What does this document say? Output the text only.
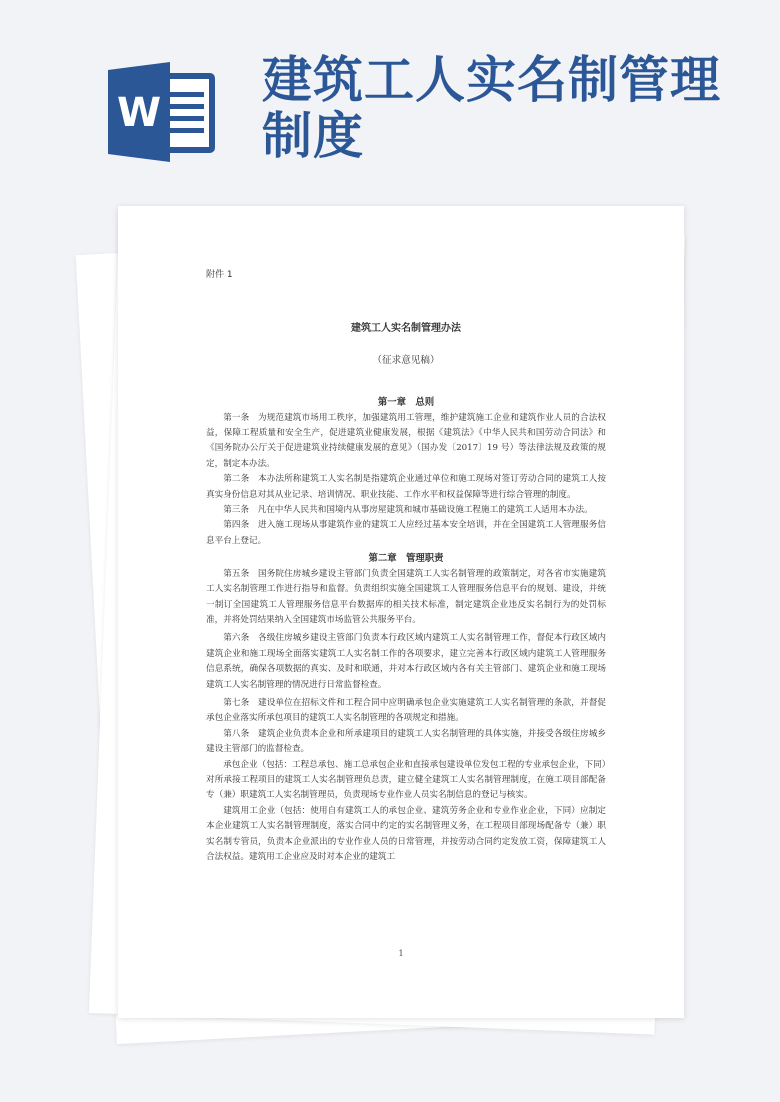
W
建筑工人实名制管理制度
附件 1
建筑工人实名制管理办法
（征求意见稿）
第一章　总则

第一条　为规范建筑市场用工秩序，加强建筑用工管理，维护建筑施工企业和建筑作业人员的合法权益，保障工程质量和安全生产，促进建筑业健康发展，根据《建筑法》《中华人民共和国劳动合同法》和《国务院办公厅关于促进建筑业持续健康发展的意见》（国办发〔2017〕19 号）等法律法规及政策的规定，制定本办法。

第二条　本办法所称建筑工人实名制是指建筑企业通过单位和施工现场对签订劳动合同的建筑工人按真实身份信息对其从业记录、培训情况、职业技能、工作水平和权益保障等进行综合管理的制度。

第三条　凡在中华人民共和国境内从事房屋建筑和城市基础设施工程施工的建筑工人适用本办法。

第四条　进入施工现场从事建筑作业的建筑工人应经过基本安全培训，并在全国建筑工人管理服务信息平台上登记。

第二章　管理职责

第五条　国务院住房城乡建设主管部门负责全国建筑工人实名制管理的政策制定，对各省市实施建筑工人实名制管理工作进行指导和监督。负责组织实施全国建筑工人管理服务信息平台的规划、建设，并统一制订全国建筑工人管理服务信息平台数据库的相关技术标准，制定建筑企业违反实名制行为的处罚标准，并将处罚结果纳入全国建筑市场监管公共服务平台。

第六条　各级住房城乡建设主管部门负责本行政区域内建筑工人实名制管理工作，督促本行政区域内建筑企业和施工现场全面落实建筑工人实名制工作的各项要求，建立完善本行政区域内建筑工人管理服务信息系统，确保各项数据的真实、及时和联通，并对本行政区域内各有关主管部门、建筑企业和施工现场建筑工人实名制管理的情况进行日常监督检查。

第七条　建设单位在招标文件和工程合同中应明确承包企业实施建筑工人实名制管理的条款，并督促承包企业落实所承包项目的建筑工人实名制管理的各项规定和措施。

第八条　建筑企业负责本企业和所承建项目的建筑工人实名制管理的具体实施，并接受各级住房城乡建设主管部门的监督检查。

承包企业（包括：工程总承包、施工总承包企业和直接承包建设单位发包工程的专业承包企业，下同）对所承接工程项目的建筑工人实名制管理负总责，建立健全建筑工人实名制管理制度，在施工项目部配备专（兼）职建筑工人实名制管理员，负责现场专业作业人员实名制信息的登记与核实。

建筑用工企业（包括：使用自有建筑工人的承包企业、建筑劳务企业和专业作业企业，下同）应制定本企业建筑工人实名制管理制度，落实合同中约定的实名制管理义务，在工程项目部现场配备专（兼）职实名制专管员，负责本企业派出的专业作业人员的日常管理，并按劳动合同约定发放工资，保障建筑工人合法权益。建筑用工企业应及时对本企业的建筑工

1
